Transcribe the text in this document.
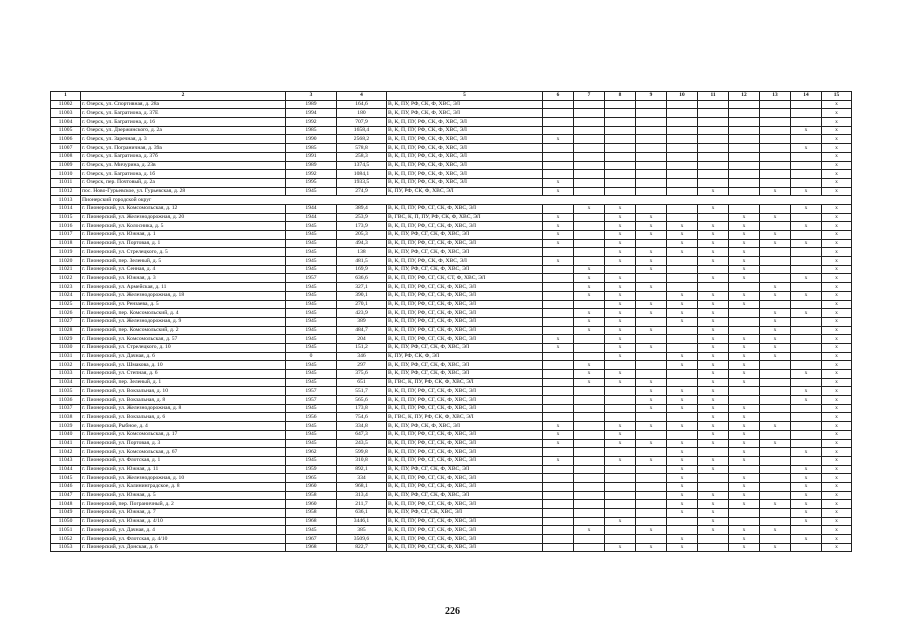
1	2	3	4	5	6	7	8	9	10	11	12	13	14	15
11002	г. Озерск, ул. Спортивная, д. 28а	1989	164,6	В, К, ПУ, РФ, СК, Ф, ХВС, ЭЛ										x
11003	г. Озерск, ул. Багратиона, д. 37Е	1994	180	В, К, ПУ, РФ, СК, Ф, ХВС, ЭЛ										x
11004	г. Озерск, ул. Багратиона, д. 16	1992	707,9	В, К, П, ПУ, РФ, СК, Ф, ХВС, ЭЛ										x
11005	г. Озерск, ул. Дзержинского, д. 2а	1985	1658,4	В, К, П, ПУ, РФ, СК, Ф, ХВС, ЭЛ									x	x
11006	г. Озерск, ул. Заречная, д. 3	1990	2568,2	В, К, П, ПУ, РФ, СК, Ф, ХВС, ЭЛ	x									x
11007	г. Озерск, ул. Пограничная, д. 39а	1985	578,8	В, К, П, ПУ, РФ, СК, Ф, ХВС, ЭЛ									x	x
11008	г. Озерск, ул. Багратиона, д. 37б	1991	258,3	В, К, П, ПУ, РФ, СК, Ф, ХВС, ЭЛ										x
11009	г. Озерск, ул. Мичурина, д. 23в	1989	1374,5	В, К, П, ПУ, РФ, СК, Ф, ХВС, ЭЛ										x
11010	г. Озерск, ул. Багратиона, д. 1б	1992	1084,1	В, К, П, ПУ, РФ, СК, Ф, ХВС, ЭЛ										x
11011	г. Озерск, пер. Почтовый, д. 2а	1995	1933,5	В, К, П, ПУ, РФ, СК, Ф, ХВС, ЭЛ	x									x
11012	пос. Ново-Гурьевское, ул. Гурьевская, д. 28	1945	274,9	К, ПУ, РФ, СК, Ф, ХВС, ЭЛ	x					x		x	x	x
11013	Пионерский городской округ													
11014	г. Пионерский, ул. Комсомольская, д. 12	1944	389,4	В, К, П, ПУ, РФ, СГ, СК, Ф, ХВС, ЭЛ		x	x			x			x	x
11015	г. Пионерский, ул. Железнодорожная, д. 20	1944	253,9	В, ГВС, К, П, ПУ, РФ, СК, Ф, ХВС, ЭЛ	x		x	x			x	x		x
11016	г. Пионерский, ул. Колосника, д. 5	1945	173,9	В, К, П, ПУ, РФ, СГ, СК, Ф, ХВС, ЭЛ	x		x	x	x	x	x		x	x
11017	г. Пионерский, ул. Южная, д. 1	1945	205,3	В, К, ПУ, РФ, СГ, СК, Ф, ХВС, ЭЛ	x		x	x	x	x	x	x		x
11018	г. Пионерский, ул. Портовая, д. 1	1945	494,3	В, К, П, ПУ, РФ, СГ, СК, Ф, ХВС, ЭЛ	x		x		x	x	x	x	x	x
11019	г. Пионерский, ул. Стрелецкого, д. 5	1945	138	В, К, ПУ, РФ, СГ, СК, Ф, ХВС, ЭЛ			x	x	x	x	x			x
11020	г. Пионерский, пер. Зеленый, д. 5	1945	481,5	В, К, П, ПУ, РФ, СК, Ф, ХВС, ЭЛ	x		x	x		x	x			x
11021	г. Пионерский, ул. Сенная, д. 4	1945	169,9	В, К, ПУ, РФ, СГ, СК, Ф, ХВС, ЭЛ		x		x			x			x
11022	г. Пионерский, ул. Южная, д. 3	1957	636,6	В, К, П, ПУ, РФ, СГ, СК, СТ, Ф, ХВС, ЭЛ		x	x			x	x		x	x
11023	г. Пионерский, ул. Армейская, д. 11	1945	327,1	В, К, П, ПУ, РФ, СГ, СК, Ф, ХВС, ЭЛ		x	x	x				x		x
11024	г. Пионерский, ул. Железнодорожная, д. 18	1945	390,1	В, К, П, ПУ, РФ, СГ, СК, Ф, ХВС, ЭЛ		x	x		x	x	x	x	x	x
11025	г. Пионерский, ул. Рензаева, д. 5	1945	270,1	В, К, П, ПУ, РФ, СГ, СК, Ф, ХВС, ЭЛ			x	x	x	x	x			x
11026	г. Пионерский, пер. Комсомольский, д. 4	1945	423,9	В, К, П, ПУ, РФ, СГ, СК, Ф, ХВС, ЭЛ		x	x	x	x	x		x	x	x
11027	г. Пионерский, ул. Железнодорожная, д. 9	1945	389	В, К, П, ПУ, РФ, СГ, СК, Ф, ХВС, ЭЛ		x	x		x	x		x		x
11028	г. Пионерский, пер. Комсомольский, д. 2	1945	484,7	В, К, П, ПУ, РФ, СГ, СК, Ф, ХВС, ЭЛ		x	x	x		x		x		x
11029	г. Пионерский, ул. Комсомольская, д. 57	1945	204	В, К, П, ПУ, РФ, СГ, СК, Ф, ХВС, ЭЛ	x		x			x	x	x		x
11030	г. Пионерский, ул. Стрелецкого, д. 10	1945	151,2	В, К, ПУ, РФ, СГ, СК, Ф, ХВС, ЭЛ	x		x	x		x	x	x		x
11031	г. Пионерский, ул. Дачная, д. 6	0	346	К, ПУ, РФ, СК, Ф, ЭЛ			x		x	x	x	x		x
11032	г. Пионерский, ул. Шмакова, д. 10	1945	297	В, К, ПУ, РФ, СГ, СК, Ф, ХВС, ЭЛ		x			x	x	x			x
11033	г. Пионерский, ул. Степная, д. 6	1945	375,6	В, К, ПУ, РФ, СГ, СК, Ф, ХВС, ЭЛ		x	x			x	x		x	x
11034	г. Пионерский, пер. Зеленый, д. 1	1945	651	В, ГВС, К, ПУ, РФ, СК, Ф, ХВС, ЭЛ		x	x	x		x	x			x
11035	г. Пионерский, ул. Вокзальная, д. 10	1957	551,7	В, К, П, ПУ, РФ, СГ, СК, Ф, ХВС, ЭЛ				x	x	x			x	x
11036	г. Пионерский, ул. Вокзальная, д. 8	1957	565,6	В, К, П, ПУ, РФ, СГ, СК, Ф, ХВС, ЭЛ				x	x	x			x	x
11037	г. Пионерский, ул. Железнодорожная, д. 8	1945	173,8	В, К, П, ПУ, РФ, СГ, СК, Ф, ХВС, ЭЛ				x	x	x	x			x
11038	г. Пионерский, ул. Вокзальная, д. 6	1956	754,6	В, ГВС, К, ПУ, РФ, СК, Ф, ХВС, ЭЛ						x	x			x
11039	г. Пионерский, Рыбное, д. 4	1945	334,8	В, К, ПУ, РФ, СК, Ф, ХВС, ЭЛ	x		x	x	x	x	x	x		x
11040	г. Пионерский, ул. Комсомольская, д. 17	1945	647,3	В, К, П, ПУ, РФ, СГ, СК, Ф, ХВС, ЭЛ	x		x			x	x			x
11041	г. Пионерский, ул. Портовая, д. 3	1945	243,5	В, К, П, ПУ, РФ, СГ, СК, Ф, ХВС, ЭЛ	x		x	x	x	x	x	x		x
11042	г. Пионерский, ул. Комсомольская, д. 67	1962	599,8	В, К, П, ПУ, РФ, СГ, СК, Ф, ХВС, ЭЛ					x		x		x	x
11043	г. Пионерский, ул. Флотская, д. 1	1945	310,8	В, К, П, ПУ, РФ, СГ, СК, Ф, ХВС, ЭЛ	x		x	x	x	x	x			x
11044	г. Пионерский, ул. Южная, д. 11	1959	892,1	В, К, ПУ, РФ, СГ, СК, Ф, ХВС, ЭЛ					x	x			x	x
11045	г. Пионерский, ул. Железнодорожная, д. 10	1965	334	В, К, П, ПУ, РФ, СГ, СК, Ф, ХВС, ЭЛ					x		x		x	x
11046	г. Пионерский, ул. Калининградское, д. 8	1960	968,1	В, К, П, ПУ, РФ, СГ, СК, Ф, ХВС, ЭЛ					x		x		x	x
11047	г. Пионерский, ул. Южная, д. 5	1958	313,4	В, К, ПУ, РФ, СГ, СК, Ф, ХВС, ЭЛ					x	x	x		x	x
11048	г. Пионерский, пер. Пограничный, д. 2	1960	211,7	В, К, П, ПУ, РФ, СГ, СК, Ф, ХВС, ЭЛ					x	x	x	x	x	x
11049	г. Пионерский, ул. Южная, д. 7	1958	636,1	В, К, ПУ, РФ, СГ, СК, ХВС, ЭЛ					x	x			x	x
11050	г. Пионерский, ул. Южная, д. 4/10	1968	3446,1	В, К, П, ПУ, РФ, СГ, СК, Ф, ХВС, ЭЛ			x			x			x	x
11051	г. Пионерский, ул. Дачная, д. 4	1945	385	В, К, П, ПУ, РФ, СГ, СК, Ф, ХВС, ЭЛ		x		x		x	x	x		x
11052	г. Пионерский, ул. Флотская, д. 4/10	1967	3509,6	В, К, П, ПУ, РФ, СГ, СК, Ф, ХВС, ЭЛ					x		x		x	x
11053	г. Пионерский, ул. Донская, д. 6	1968	822,7	В, К, П, ПУ, РФ, СГ, СК, Ф, ХВС, ЭЛ			x	x	x		x	x		x
226
